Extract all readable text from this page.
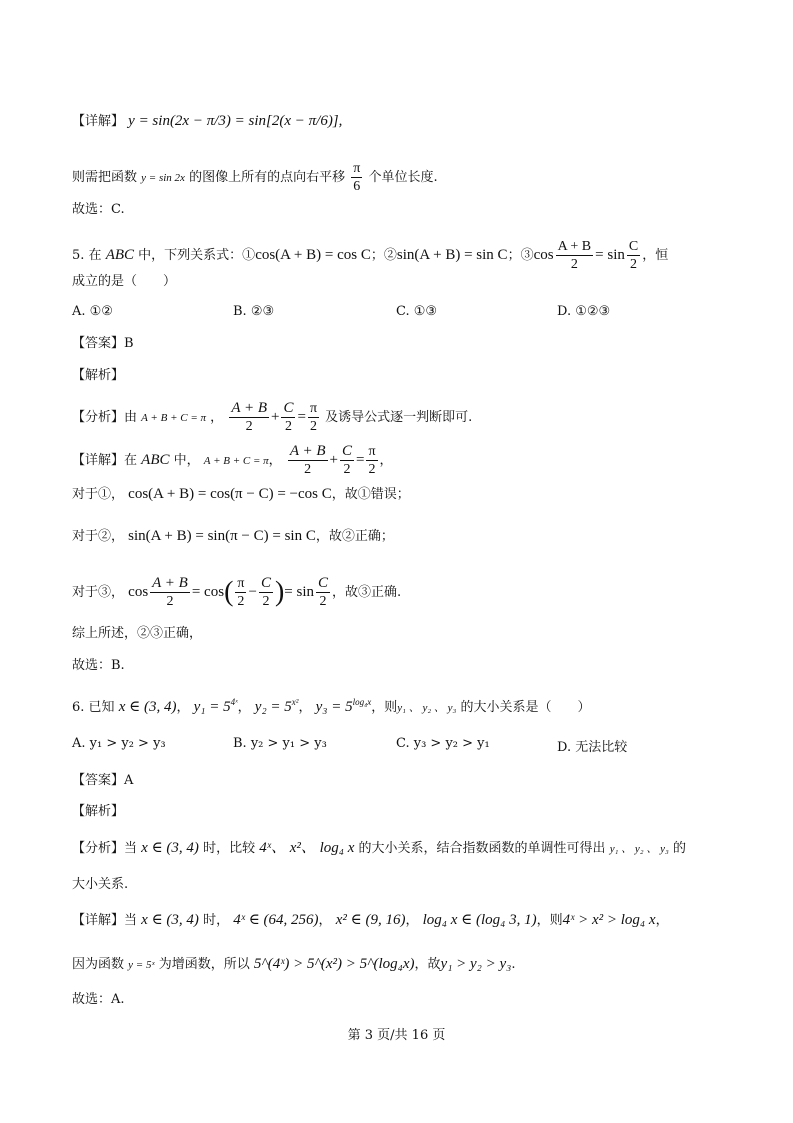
【详解】 y = sin(2x − π/3) = sin[2(x − π/6)],
则需把函数 y = sin 2x 的图像上所有的点向右平移 $\frac{\pi}{6}$ 个单位长度.
故选：C.
5. 在 ABC 中，下列关系式：①cos(A + B) = cos C；②sin(A + B) = sin C；③cos $\frac{A + B}{2} = \sin \frac{C}{2}$ ，恒
成立的是（　　）
A. ①②	B. ②③	C. ①③	D. ①②③
【答案】B
【解析】
【分析】由 A + B + C = π ， $\frac{A + B}{2} + \frac{C}{2} = \frac{\pi}{2}$ 及诱导公式逐一判断即可.
【详解】在 ABC 中， A + B + C = π， $\frac{A + B}{2} + \frac{C}{2} = \frac{\pi}{2}$ ，
对于①， cos(A + B) = cos(π − C) = −cos C，故①错误；
对于②， sin(A + B) = sin(π − C) = sin C，故②正确；
对于③， $\cos \frac{A + B}{2} = \cos( \frac{\pi}{2} - \frac{C}{2}$ )= $\sin \frac{C}{2}$ ，故③正确.
综上所述，②③正确，
故选：B.
6. 已知 x ∈ (3, 4)， $y_1 = 5^{4ˣ}$， $y_2 = 5^{x^2}$， $y_3 = 5^{log_4x}$，则y₁ 、 y₂ 、 y₃ 的大小关系是（　　）
A. y₁ > y₂ > y₃	B. y₂ > y₁ > y₃	C. y₃ > y₂ > y₁	D. 无法比较
【答案】A
【解析】
【分析】当 x ∈ (3, 4) 时，比较 4ˣ、 x²、 log₄ x 的大小关系，结合指数函数的单调性可得出 y₁ 、 y₂ 、 y₃ 的
大小关系.
【详解】当 x ∈ (3, 4) 时， 4ˣ ∈ (64, 256)， x² ∈ (9, 16)， log₄ x ∈ (log₄ 3, 1)，则4ˣ > x² > log₄ x，
因为函数 y = 5ˣ 为增函数，所以 5^(4ˣ) > 5^(x²) > 5^(log₄x)，故y₁ > y₂ > y₃.
故选：A.
第 3 页/共 16 页
